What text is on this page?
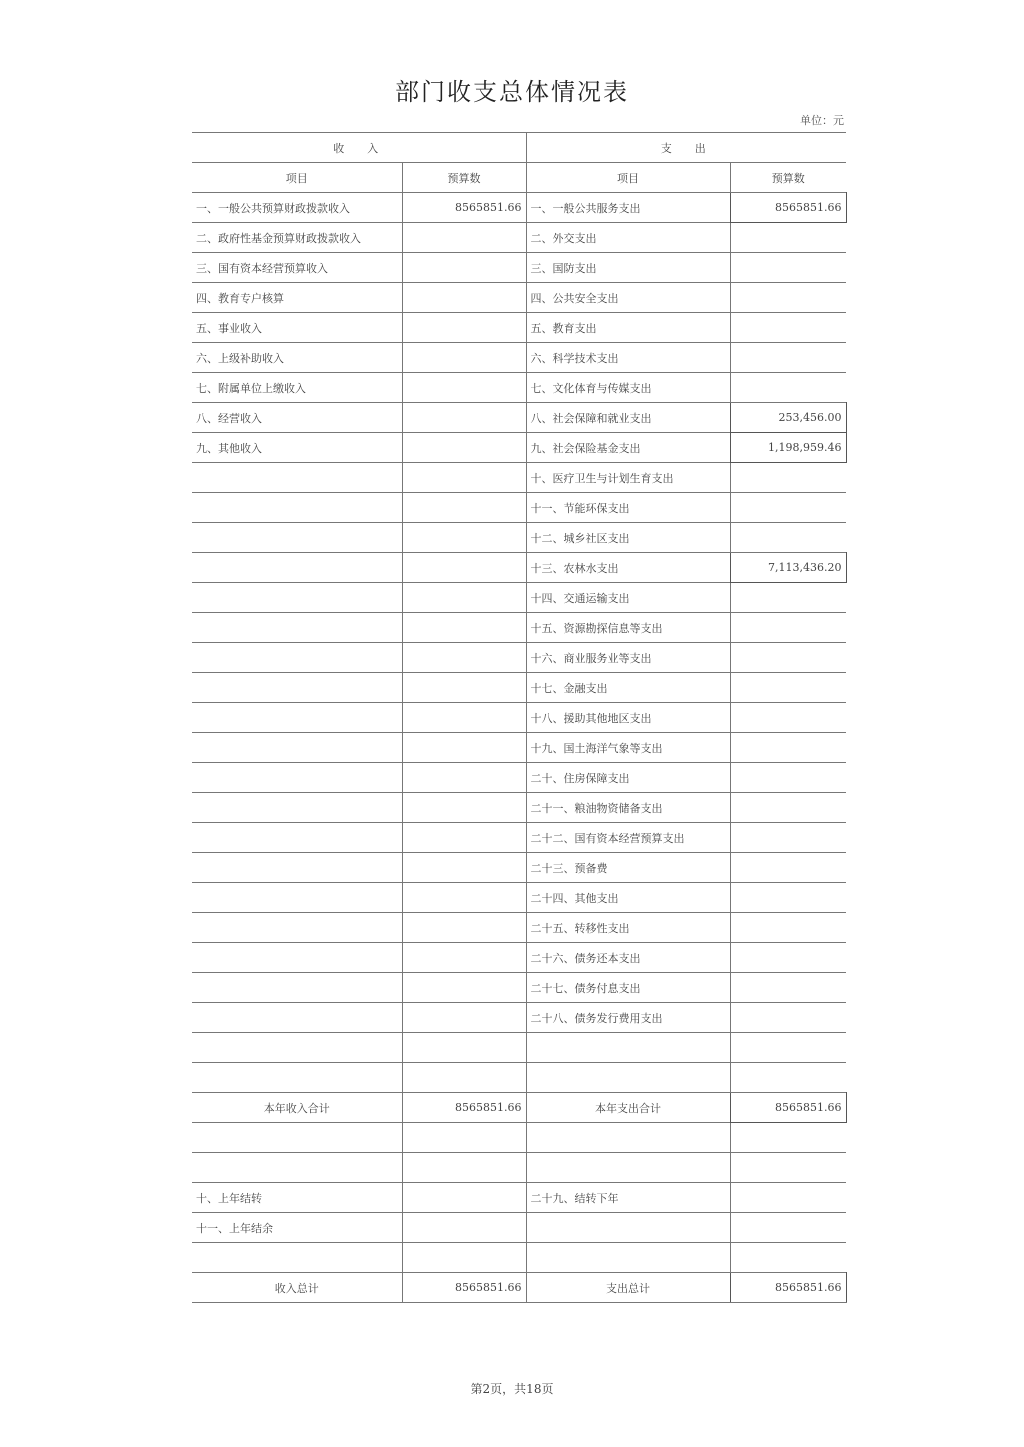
部门收支总体情况表
单位：元
收　入		支　出	
项目	预算数	项目	预算数
一、一般公共预算财政拨款收入	8565851.66	一、一般公共服务支出	8565851.66
二、政府性基金预算财政拨款收入		二、外交支出	
三、国有资本经营预算收入		三、国防支出	
四、教育专户核算		四、公共安全支出	
五、事业收入		五、教育支出	
六、上级补助收入		六、科学技术支出	
七、附属单位上缴收入		七、文化体育与传媒支出	
八、经营收入		八、社会保障和就业支出	253,456.00
九、其他收入		九、社会保险基金支出	1,198,959.46
		十、医疗卫生与计划生育支出	
		十一、节能环保支出	
		十二、城乡社区支出	
		十三、农林水支出	7,113,436.20
		十四、交通运输支出	
		十五、资源勘探信息等支出	
		十六、商业服务业等支出	
		十七、金融支出	
		十八、援助其他地区支出	
		十九、国土海洋气象等支出	
		二十、住房保障支出	
		二十一、粮油物资储备支出	
		二十二、国有资本经营预算支出	
		二十三、预备费	
		二十四、其他支出	
		二十五、转移性支出	
		二十六、债务还本支出	
		二十七、债务付息支出	
		二十八、债务发行费用支出	

本年收入合计	8565851.66	本年支出合计	8565851.66

十、上年结转		二十九、结转下年	
十一、上年结余			

收入总计	8565851.66	支出总计	8565851.66
第2页，共18页
